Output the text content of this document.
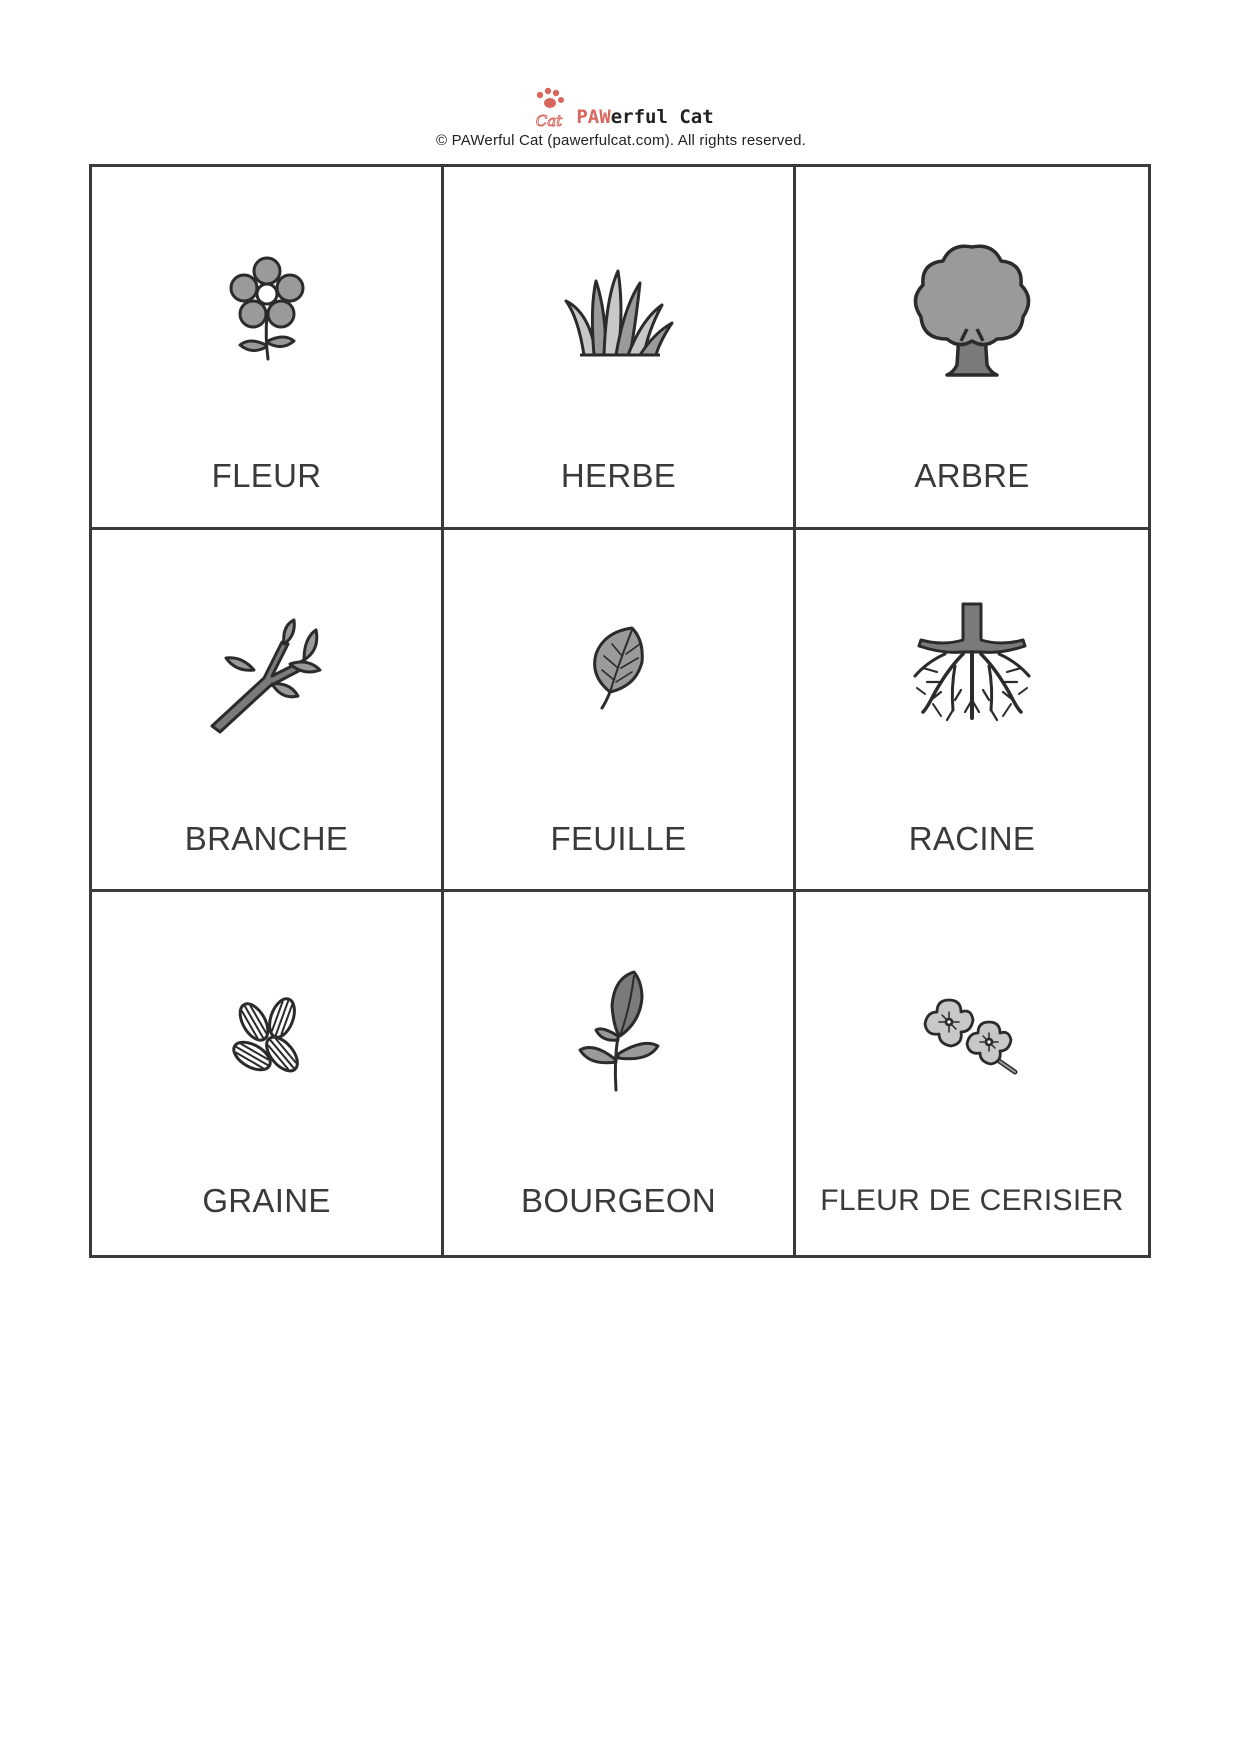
Cat PAWerful Cat
© PAWerful Cat (pawerfulcat.com). All rights reserved.
FLEUR	HERBE	ARBRE
BRANCHE	FEUILLE	RACINE
GRAINE	BOURGEON	FLEUR DE CERISIER
